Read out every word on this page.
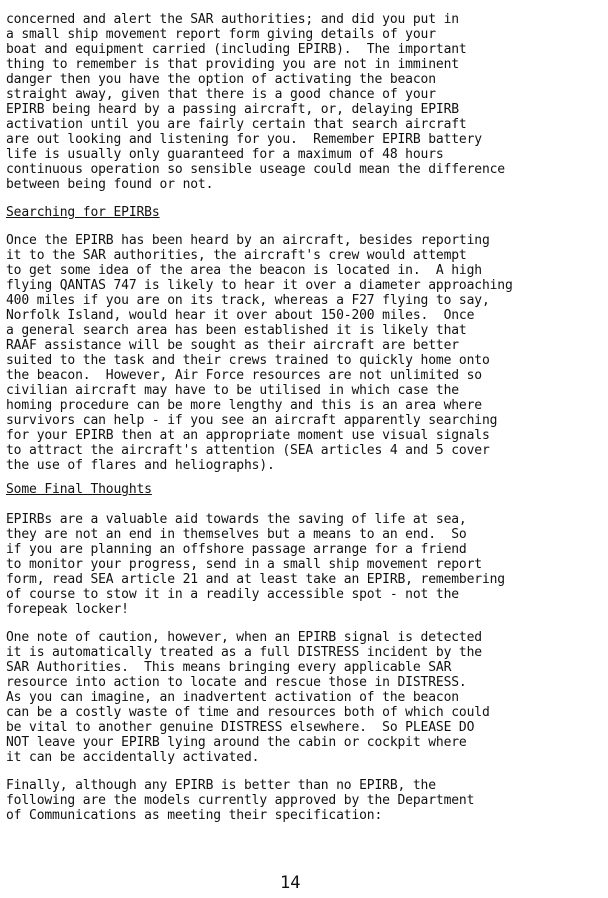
concerned and alert the SAR authorities; and did you put in
a small ship movement report form giving details of your
boat and equipment carried (including EPIRB).  The important
thing to remember is that providing you are not in imminent
danger then you have the option of activating the beacon
straight away, given that there is a good chance of your
EPIRB being heard by a passing aircraft, or, delaying EPIRB
activation until you are fairly certain that search aircraft
are out looking and listening for you.  Remember EPIRB battery
life is usually only guaranteed for a maximum of 48 hours
continuous operation so sensible useage could mean the difference
between being found or not.
Searching for EPIRBs
Once the EPIRB has been heard by an aircraft, besides reporting
it to the SAR authorities, the aircraft's crew would attempt
to get some idea of the area the beacon is located in.  A high
flying QANTAS 747 is likely to hear it over a diameter approaching
400 miles if you are on its track, whereas a F27 flying to say,
Norfolk Island, would hear it over about 150-200 miles.  Once
a general search area has been established it is likely that
RAAF assistance will be sought as their aircraft are better
suited to the task and their crews trained to quickly home onto
the beacon.  However, Air Force resources are not unlimited so
civilian aircraft may have to be utilised in which case the
homing procedure can be more lengthy and this is an area where
survivors can help - if you see an aircraft apparently searching
for your EPIRB then at an appropriate moment use visual signals
to attract the aircraft's attention (SEA articles 4 and 5 cover
the use of flares and heliographs).
Some Final Thoughts
EPIRBs are a valuable aid towards the saving of life at sea,
they are not an end in themselves but a means to an end.  So
if you are planning an offshore passage arrange for a friend
to monitor your progress, send in a small ship movement report
form, read SEA article 21 and at least take an EPIRB, remembering
of course to stow it in a readily accessible spot - not the
forepeak locker!
One note of caution, however, when an EPIRB signal is detected
it is automatically treated as a full DISTRESS incident by the
SAR Authorities.  This means bringing every applicable SAR
resource into action to locate and rescue those in DISTRESS.
As you can imagine, an inadvertent activation of the beacon
can be a costly waste of time and resources both of which could
be vital to another genuine DISTRESS elsewhere.  So PLEASE DO
NOT leave your EPIRB lying around the cabin or cockpit where
it can be accidentally activated.
Finally, although any EPIRB is better than no EPIRB, the
following are the models currently approved by the Department
of Communications as meeting their specification:
14
